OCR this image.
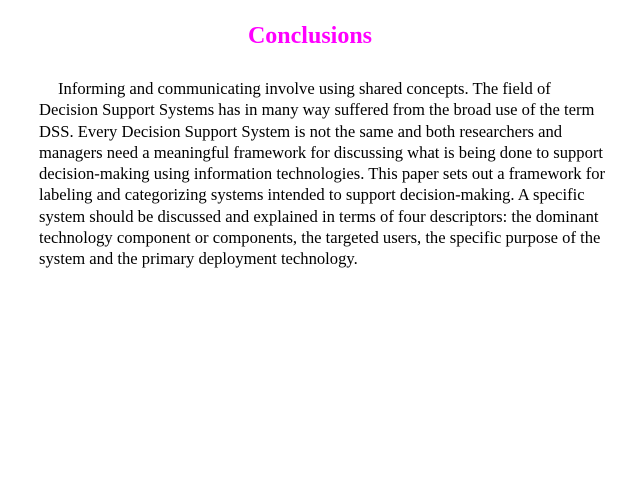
Conclusions

Informing and communicating involve using shared concepts. The field of Decision Support Systems has in many way suffered from the broad use of the term DSS. Every Decision Support System is not the same and both researchers and managers need a meaningful framework for discussing what is being done to support decision-making using information technologies. This paper sets out a framework for labeling and categorizing systems intended to support decision-making. A specific system should be discussed and explained in terms of four descriptors: the dominant technology component or components, the targeted users, the specific purpose of the system and the primary deployment technology.
